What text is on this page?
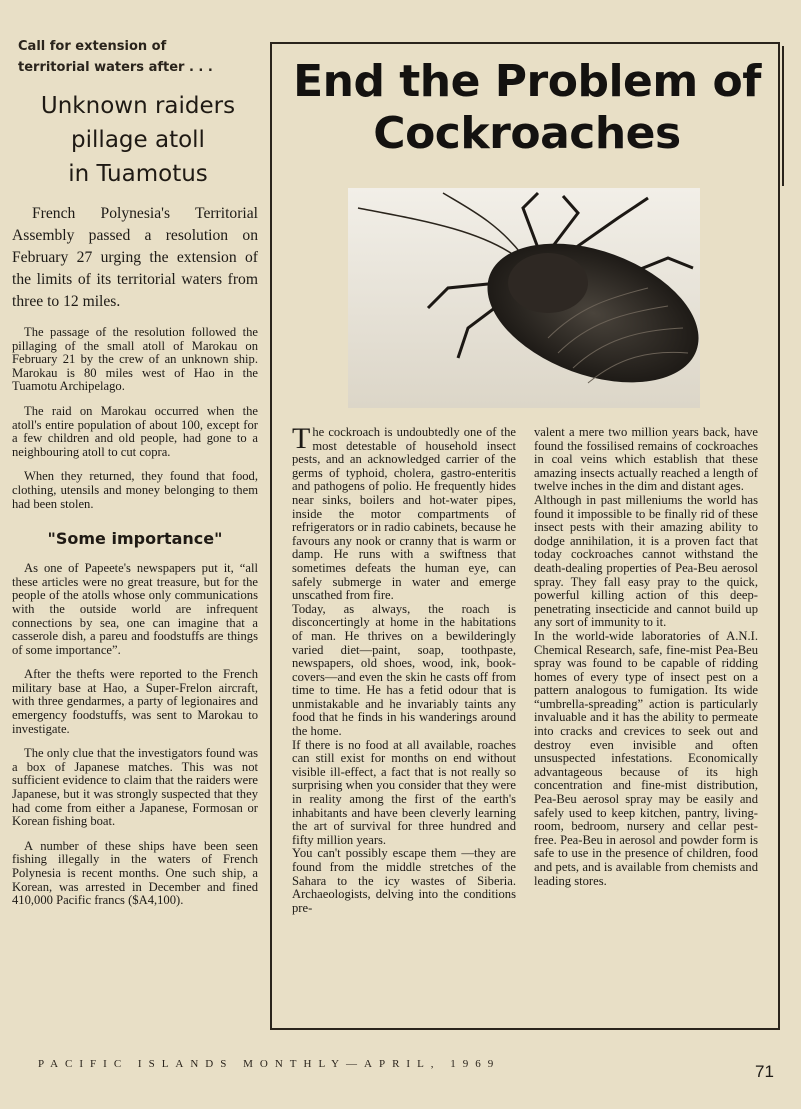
Call for extension of
territorial waters after . . .
Unknown raiders
pillage atoll
in Tuamotus
French Polynesia's Territorial Assembly passed a resolution on February 27 urging the extension of the limits of its territorial waters from three to 12 miles.

The passage of the resolution followed the pillaging of the small atoll of Marokau on February 21 by the crew of an unknown ship. Marokau is 80 miles west of Hao in the Tuamotu Archipelago.

The raid on Marokau occurred when the atoll's entire population of about 100, except for a few children and old people, had gone to a neighbouring atoll to cut copra.

When they returned, they found that food, clothing, utensils and money belonging to them had been stolen.

"Some importance"

As one of Papeete's newspapers put it, “all these articles were no great treasure, but for the people of the atolls whose only communications with the outside world are infrequent connections by sea, one can imagine that a casserole dish, a pareu and foodstuffs are things of some importance”.

After the thefts were reported to the French military base at Hao, a Super-Frelon aircraft, with three gendarmes, a party of legionaires and emergency foodstuffs, was sent to Marokau to investigate.

The only clue that the investigators found was a box of Japanese matches. This was not sufficient evidence to claim that the raiders were Japanese, but it was strongly suspected that they had come from either a Japanese, Formosan or Korean fishing boat.

A number of these ships have been seen fishing illegally in the waters of French Polynesia is recent months. One such ship, a Korean, was arrested in December and fined 410,000 Pacific francs ($A4,100).

End the Problem of
Cockroaches

The cockroach is undoubtedly one of the most detestable of household insect pests, and an acknowledged carrier of the germs of typhoid, cholera, gastro-enteritis and pathogens of polio. He frequently hides near sinks, boilers and hot-water pipes, inside the motor compartments of refrigerators or in radio cabinets, because he favours any nook or cranny that is warm or damp. He runs with a swiftness that sometimes defeats the human eye, can safely submerge in water and emerge unscathed from fire.

Today, as always, the roach is disconcertingly at home in the habitations of man. He thrives on a bewilderingly varied diet—paint, soap, toothpaste, newspapers, old shoes, wood, ink, book-covers—and even the skin he casts off from time to time. He has a fetid odour that is unmistakable and he invariably taints any food that he finds in his wanderings around the home.

If there is no food at all available, roaches can still exist for months on end without visible ill-effect, a fact that is not really so surprising when you consider that they were in reality among the first of the earth's inhabitants and have been cleverly learning the art of survival for three hundred and fifty million years.

You can't possibly escape them —they are found from the middle stretches of the Sahara to the icy wastes of Siberia. Archaeologists, delving into the conditions pre-

valent a mere two million years back, have found the fossilised remains of cockroaches in coal veins which establish that these amazing insects actually reached a length of twelve inches in the dim and distant ages.

Although in past milleniums the world has found it impossible to be finally rid of these insect pests with their amazing ability to dodge annihilation, it is a proven fact that today cockroaches cannot withstand the death-dealing properties of Pea-Beu aerosol spray. They fall easy pray to the quick, powerful killing action of this deep-penetrating insecticide and cannot build up any sort of immunity to it.

In the world-wide laboratories of A.N.I. Chemical Research, safe, fine-mist Pea-Beu spray was found to be capable of ridding homes of every type of insect pest on a pattern analogous to fumigation. Its wide “umbrella-spreading” action is particularly invaluable and it has the ability to permeate into cracks and crevices to seek out and destroy even invisible and often unsuspected infestations. Economically advantageous because of its high concentration and fine-mist distribution, Pea-Beu aerosol spray may be easily and safely used to keep kitchen, pantry, living-room, bedroom, nursery and cellar pest-free. Pea-Beu in aerosol and powder form is safe to use in the presence of children, food and pets, and is available from chemists and leading stores.

PACIFIC ISLANDS MONTHLY—APRIL, 1969	71
